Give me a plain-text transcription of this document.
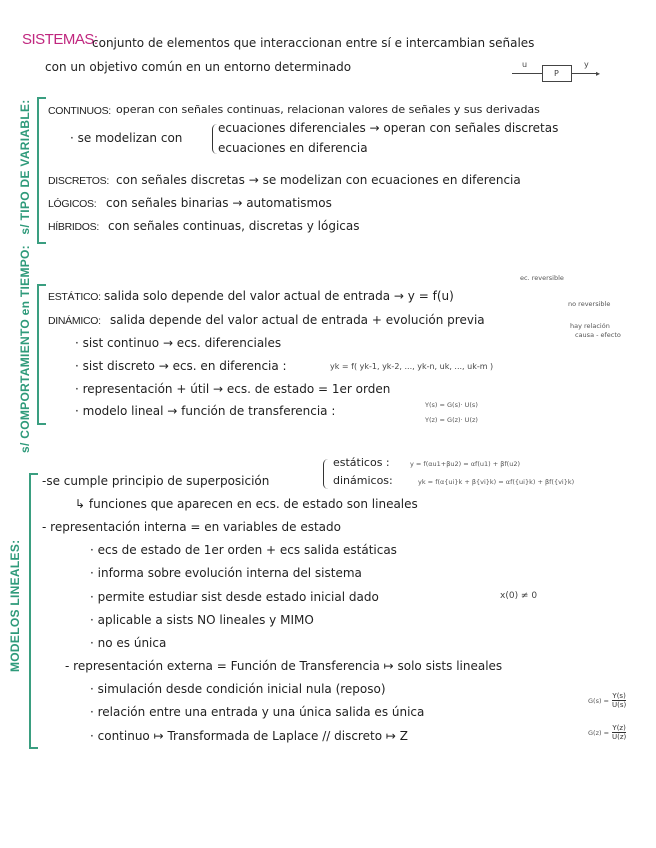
SISTEMAS:
conjunto de elementos que interaccionan entre sí e intercambian señales
con un objetivo común en un entorno determinado	u
P	▸
y
s/ TIPO DE VARIABLE: CONTINUOS: operan con señales continuas, relacionan valores de señales y sus derivadas
· se modelizan con
ecuaciones diferenciales → operan con señales discretas
ecuaciones en diferencia
DISCRETOS: con señales discretas → se modelizan con ecuaciones en diferencia
LÓGICOS: con señales binarias → automatismos
HÍBRIDOS: con señales continuas, discretas y lógicas
s/ COMPORTAMIENTO en TIEMPO:	ec. reversible
ESTÁTICO: salida solo depende del valor actual de entrada → y = f(u)
no reversible
DINÁMICO: salida depende del valor actual de entrada + evolución previa	hay relación
causa - efecto
· sist continuo → ecs. diferenciales
· sist discreto → ecs. en diferencia :	yk = f( yk-1, yk-2, ..., yk-n, uk, ..., uk-m )
· representación + útil → ecs. de estado = 1er orden
· modelo lineal → función de transferencia :	Y(s) = G(s)· U(s)
Y(z) = G(z)· U(z)
MODELOS LINEALES:
-se cumple principio de superposición
estáticos :	y = f(αu1+βu2) = αf(u1) + βf(u2)
dinámicos:	yk = f(α{ui}k + β{vi}k) = αf({ui}k) + βf({vi}k)
↳ funciones que aparecen en ecs. de estado son lineales
- representación interna = en variables de estado
· ecs de estado de 1er orden + ecs salida estáticas
· informa sobre evolución interna del sistema
· permite estudiar sist desde estado inicial dado	x(0) ≠ 0
· aplicable a sists NO lineales y MIMO
· no es única
- representación externa = Función de Transferencia ↦ solo sists lineales
· simulación desde condición inicial nula (reposo)
· relación entre una entrada y una única salida es única
· continuo ↦ Transformada de Laplace // discreto ↦ Z
$G(s) = \frac{Y(s)}{U(s)}$
$G(z) = \frac{Y(z)}{U(z)}$
